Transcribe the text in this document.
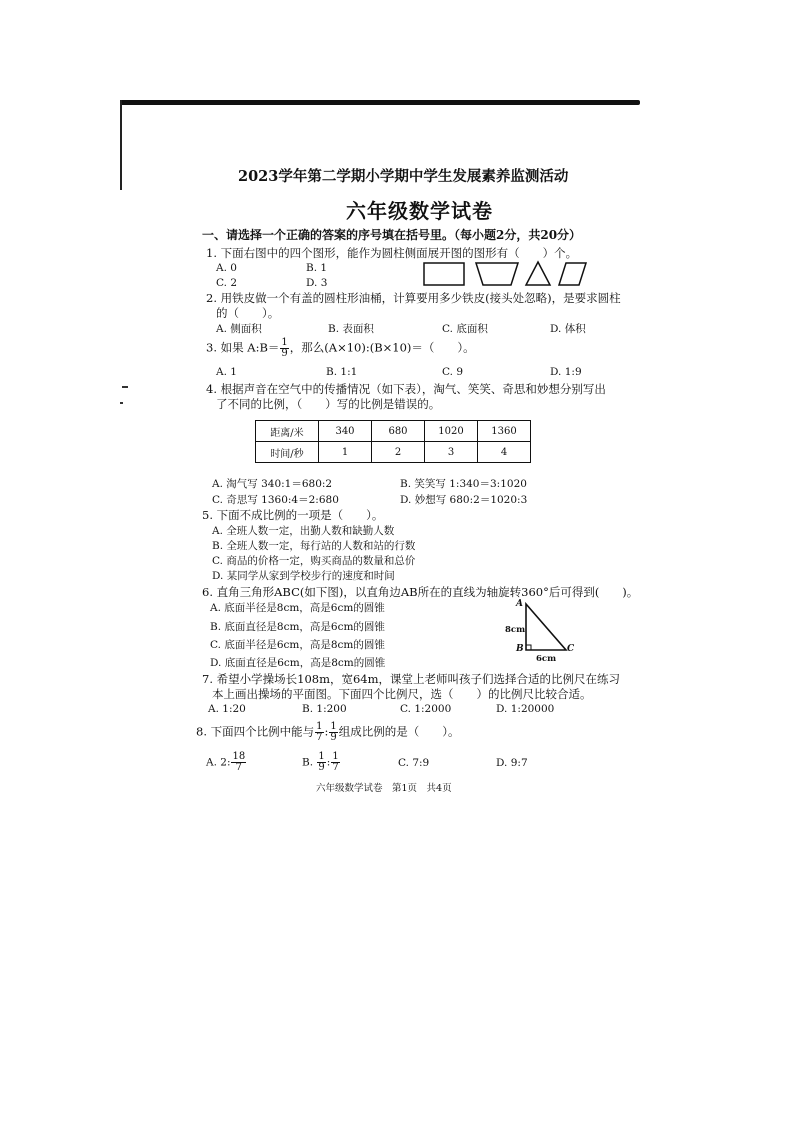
2023学年第二学期小学期中学生发展素养监测活动
六年级数学试卷
一、请选择一个正确的答案的序号填在括号里。（每小题2分，共20分）
1. 下面右图中的四个图形，能作为圆柱侧面展开图的图形有（　　）个。
A. 0	B. 1
C. 2	D. 3
2. 用铁皮做一个有盖的圆柱形油桶，计算要用多少铁皮(接头处忽略)，是要求圆柱
的（　　）。
A. 侧面积	B. 表面积	C. 底面积	D. 体积
3. 如果 A:B＝ $\frac{1}{9}$ ，那么(A×10):(B×10)＝（　　）。
A. 1	B. 1:1	C. 9	D. 1:9
4. 根据声音在空气中的传播情况（如下表），淘气、笑笑、奇思和妙想分别写出
了不同的比例，（　　）写的比例是错误的。
距离/米	340	680	1020	1360
时间/秒	1	2	3	4
A. 淘气写 340:1＝680:2	B. 笑笑写 1:340＝3:1020
C. 奇思写 1360:4＝2:680	D. 妙想写 680:2＝1020:3
5. 下面不成比例的一项是（　　）。
A. 全班人数一定，出勤人数和缺勤人数
B. 全班人数一定，每行站的人数和站的行数
C. 商品的价格一定，购买商品的数量和总价
D. 某同学从家到学校步行的速度和时间
6. 直角三角形ABC(如下图)，以直角边AB所在的直线为轴旋转360°后可得到(　　)。
A. 底面半径是8cm，高是6cm的圆锥
B. 底面直径是8cm，高是6cm的圆锥
C. 底面半径是6cm，高是8cm的圆锥
D. 底面直径是6cm，高是8cm的圆锥
A
B	C
8cm
6cm
7. 希望小学操场长108m，宽64m，课堂上老师叫孩子们选择合适的比例尺在练习
本上画出操场的平面图。下面四个比例尺，选（　　）的比例尺比较合适。
A. 1:20	B. 1:200	C. 1:2000	D. 1:20000
8. 下面四个比例中能与 $\frac{1}{7}$ : $\frac{1}{9}$ 组成比例的是（　　）。
A. 2: $\frac{18}{7}$	B. $\frac{1}{9}$ : $\frac{1}{7}$	C. 7:9	D. 9:7
六年级数学试卷　第1页　共4页
